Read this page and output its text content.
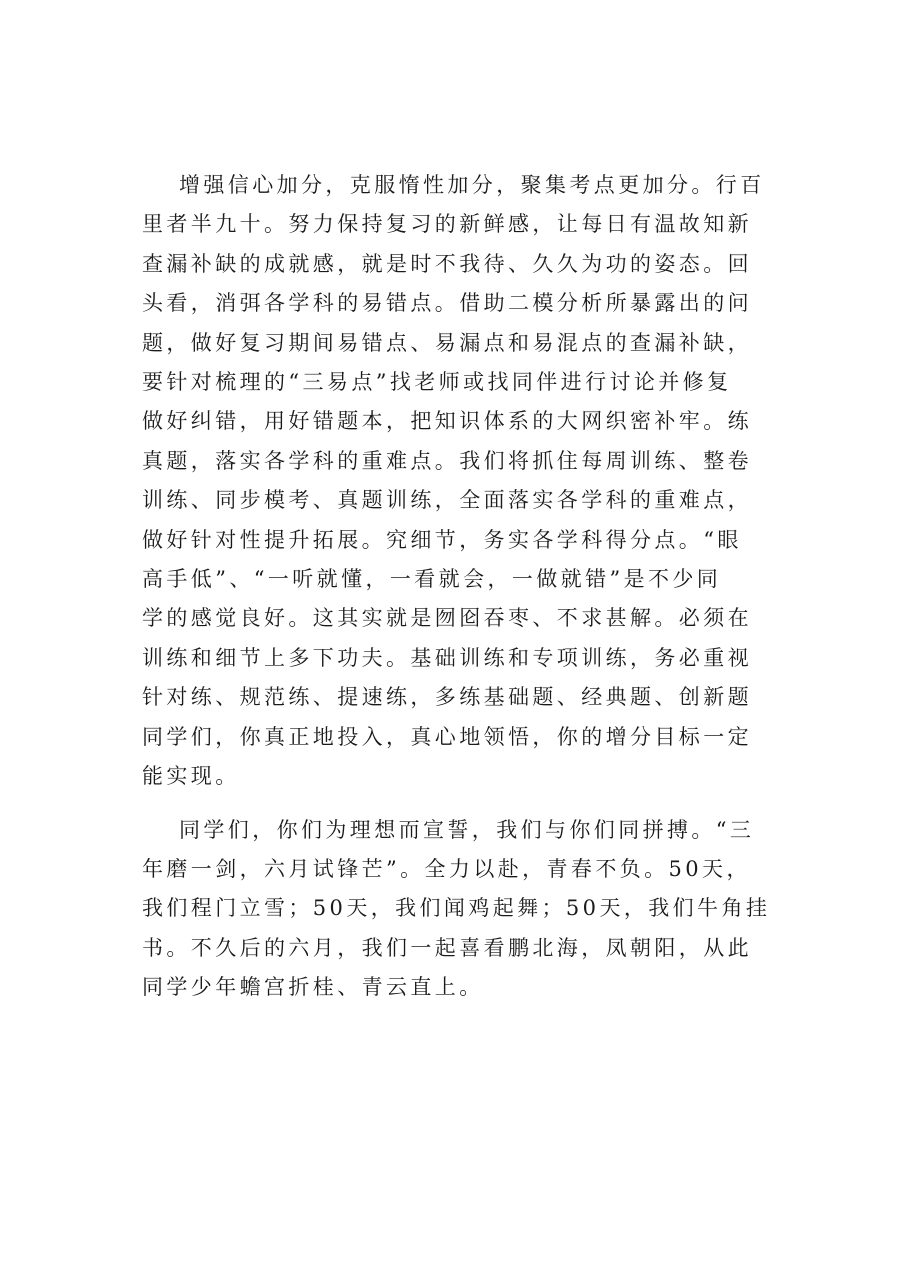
增强信心加分，克服惰性加分，聚集考点更加分。行百
里者半九十。努力保持复习的新鲜感，让每日有温故知新
查漏补缺的成就感，就是时不我待、久久为功的姿态。回
头看，消弭各学科的易错点。借助二模分析所暴露出的问
题，做好复习期间易错点、易漏点和易混点的查漏补缺，
要针对梳理的“三易点”找老师或找同伴进行讨论并修复
做好纠错，用好错题本，把知识体系的大网织密补牢。练
真题，落实各学科的重难点。我们将抓住每周训练、整卷
训练、同步模考、真题训练，全面落实各学科的重难点，
做好针对性提升拓展。究细节，务实各学科得分点。“眼
高手低”、“一听就懂，一看就会，一做就错”是不少同
学的感觉良好。这其实就是囫囵吞枣、不求甚解。必须在
训练和细节上多下功夫。基础训练和专项训练，务必重视
针对练、规范练、提速练，多练基础题、经典题、创新题
同学们，你真正地投入，真心地领悟，你的增分目标一定
能实现。

同学们，你们为理想而宣誓，我们与你们同拼搏。“三
年磨一剑，六月试锋芒”。全力以赴，青春不负。50天，
我们程门立雪；50天，我们闻鸡起舞；50天，我们牛角挂
书。不久后的六月，我们一起喜看鹏北海，凤朝阳，从此
同学少年蟾宫折桂、青云直上。
